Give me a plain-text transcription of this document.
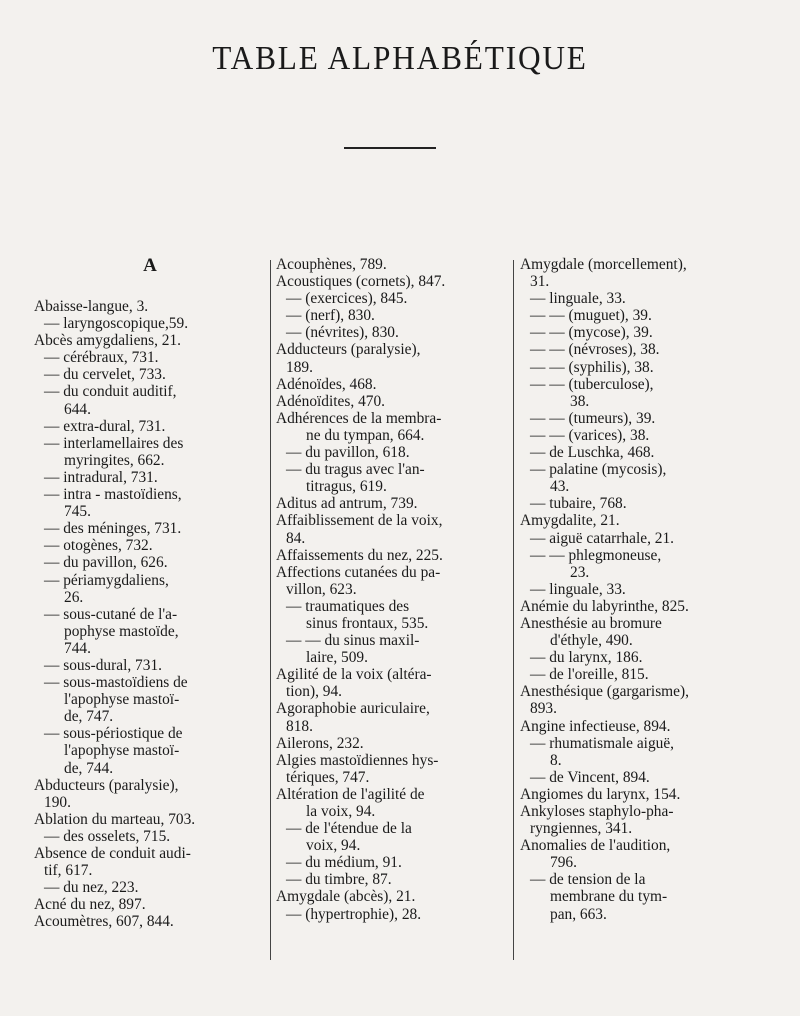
TABLE ALPHABÉTIQUE
A
Abaisse-langue, 3.
— laryngoscopique,59.
Abcès amygdaliens, 21.
— cérébraux, 731.
— du cervelet, 733.
— du conduit auditif,
644.
— extra-dural, 731.
— interlamellaires des
myringites, 662.
— intradural, 731.
— intra - mastoïdiens,
745.
— des méninges, 731.
— otogènes, 732.
— du pavillon, 626.
— périamygdaliens,
26.
— sous-cutané de l'a-
pophyse mastoïde,
744.
— sous-dural, 731.
— sous-mastoïdiens de
l'apophyse mastoï-
de, 747.
— sous-périostique de
l'apophyse mastoï-
de, 744.
Abducteurs (paralysie),
190.
Ablation du marteau, 703.
— des osselets, 715.
Absence de conduit audi-
tif, 617.
— du nez, 223.
Acné du nez, 897.
Acoumètres, 607, 844.
Acouphènes, 789.
Acoustiques (cornets), 847.
— (exercices), 845.
— (nerf), 830.
— (névrites), 830.
Adducteurs (paralysie),
189.
Adénoïdes, 468.
Adénoïdites, 470.
Adhérences de la membra-
ne du tympan, 664.
— du pavillon, 618.
— du tragus avec l'an-
titragus, 619.
Aditus ad antrum, 739.
Affaiblissement de la voix,
84.
Affaissements du nez, 225.
Affections cutanées du pa-
villon, 623.
— traumatiques des
sinus frontaux, 535.
— — du sinus maxil-
laire, 509.
Agilité de la voix (altéra-
tion), 94.
Agoraphobie auriculaire,
818.
Ailerons, 232.
Algies mastoïdiennes hys-
tériques, 747.
Altération de l'agilité de
la voix, 94.
— de l'étendue de la
voix, 94.
— du médium, 91.
— du timbre, 87.
Amygdale (abcès), 21.
— (hypertrophie), 28.
Amygdale (morcellement),
31.
— linguale, 33.
— — (muguet), 39.
— — (mycose), 39.
— — (névroses), 38.
— — (syphilis), 38.
— — (tuberculose),
38.
— — (tumeurs), 39.
— — (varices), 38.
— de Luschka, 468.
— palatine (mycosis),
43.
— tubaire, 768.
Amygdalite, 21.
— aiguë catarrhale, 21.
— — phlegmoneuse,
23.
— linguale, 33.
Anémie du labyrinthe, 825.
Anesthésie au bromure
d'éthyle, 490.
— du larynx, 186.
— de l'oreille, 815.
Anesthésique (gargarisme),
893.
Angine infectieuse, 894.
— rhumatismale aiguë,
8.
— de Vincent, 894.
Angiomes du larynx, 154.
Ankyloses staphylo-pha-
ryngiennes, 341.
Anomalies de l'audition,
796.
— de tension de la
membrane du tym-
pan, 663.
